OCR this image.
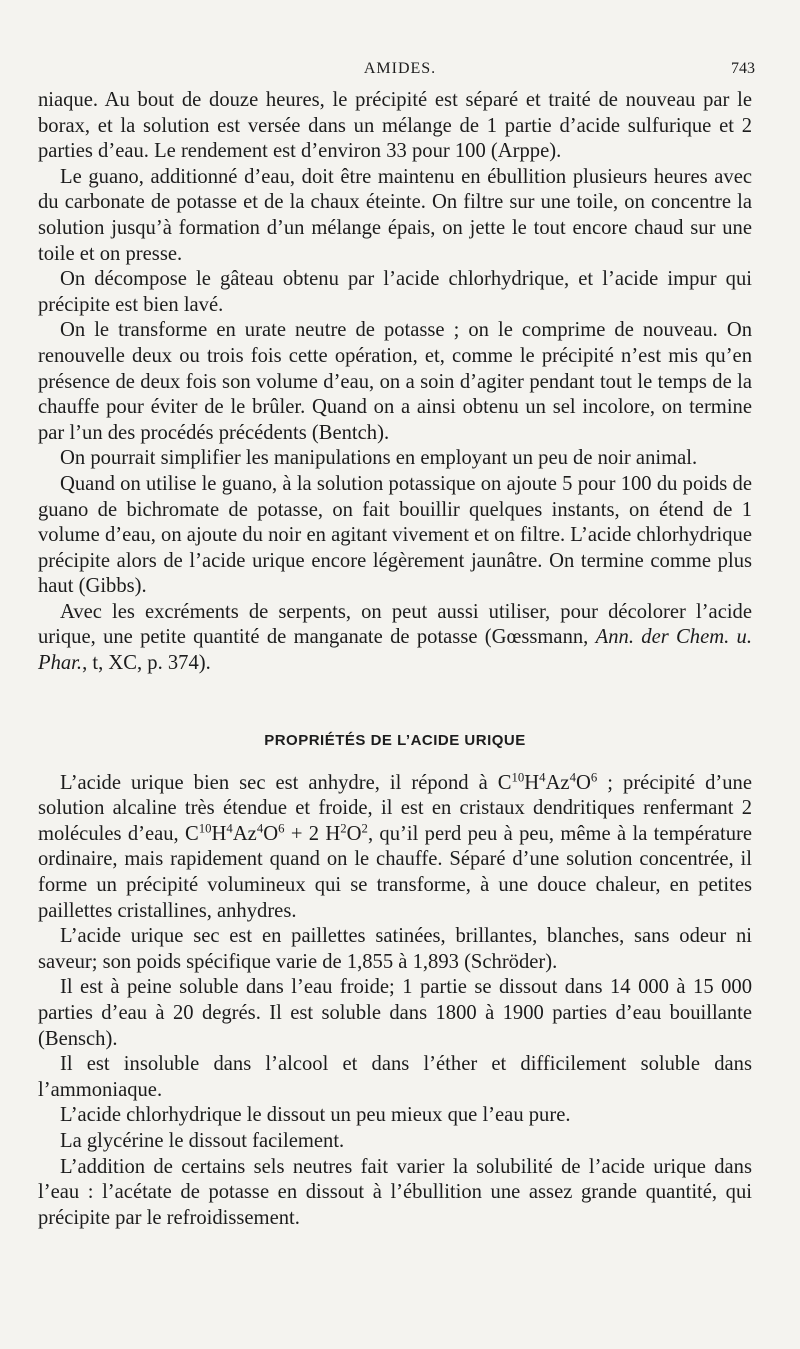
AMIDES.	743

niaque. Au bout de douze heures, le précipité est séparé et traité de nouveau par le borax, et la solution est versée dans un mélange de 1 partie d’acide sulfurique et 2 parties d’eau. Le rendement est d’environ 33 pour 100 (Arppe).

Le guano, additionné d’eau, doit être maintenu en ébullition plusieurs heures avec du carbonate de potasse et de la chaux éteinte. On filtre sur une toile, on concentre la solution jusqu’à formation d’un mélange épais, on jette le tout encore chaud sur une toile et on presse.

On décompose le gâteau obtenu par l’acide chlorhydrique, et l’acide impur qui précipite est bien lavé.

On le transforme en urate neutre de potasse ; on le comprime de nouveau. On renouvelle deux ou trois fois cette opération, et, comme le précipité n’est mis qu’en présence de deux fois son volume d’eau, on a soin d’agiter pendant tout le temps de la chauffe pour éviter de le brûler. Quand on a ainsi obtenu un sel incolore, on termine par l’un des procédés précédents (Bentch).

On pourrait simplifier les manipulations en employant un peu de noir animal.

Quand on utilise le guano, à la solution potassique on ajoute 5 pour 100 du poids de guano de bichromate de potasse, on fait bouillir quelques instants, on étend de 1 volume d’eau, on ajoute du noir en agitant vivement et on filtre. L’acide chlorhydrique précipite alors de l’acide urique encore légèrement jaunâtre. On termine comme plus haut (Gibbs).

Avec les excréments de serpents, on peut aussi utiliser, pour décolorer l’acide urique, une petite quantité de manganate de potasse (Gœssmann, Ann. der Chem. u. Phar., t, XC, p. 374).

PROPRIÉTÉS DE L’ACIDE URIQUE

L’acide urique bien sec est anhydre, il répond à $C^{10}H^4Az^4O^6$ ; précipité d’une solution alcaline très étendue et froide, il est en cristaux dendritiques renfermant 2 molécules d’eau, $C^{10}H^4Az^4O^6 + 2$ $H^2O^2$, qu’il perd peu à peu, même à la température ordinaire, mais rapidement quand on le chauffe. Séparé d’une solution concentrée, il forme un précipité volumineux qui se transforme, à une douce chaleur, en petites paillettes cristallines, anhydres.

L’acide urique sec est en paillettes satinées, brillantes, blanches, sans odeur ni saveur; son poids spécifique varie de 1,855 à 1,893 (Schröder).

Il est à peine soluble dans l’eau froide; 1 partie se dissout dans 14 000 à 15 000 parties d’eau à 20 degrés. Il est soluble dans 1800 à 1900 parties d’eau bouillante (Bensch).

Il est insoluble dans l’alcool et dans l’éther et difficilement soluble dans l’ammoniaque.

L’acide chlorhydrique le dissout un peu mieux que l’eau pure.

La glycérine le dissout facilement.

L’addition de certains sels neutres fait varier la solubilité de l’acide urique dans l’eau : l’acétate de potasse en dissout à l’ébullition une assez grande quantité, qui précipite par le refroidissement.
